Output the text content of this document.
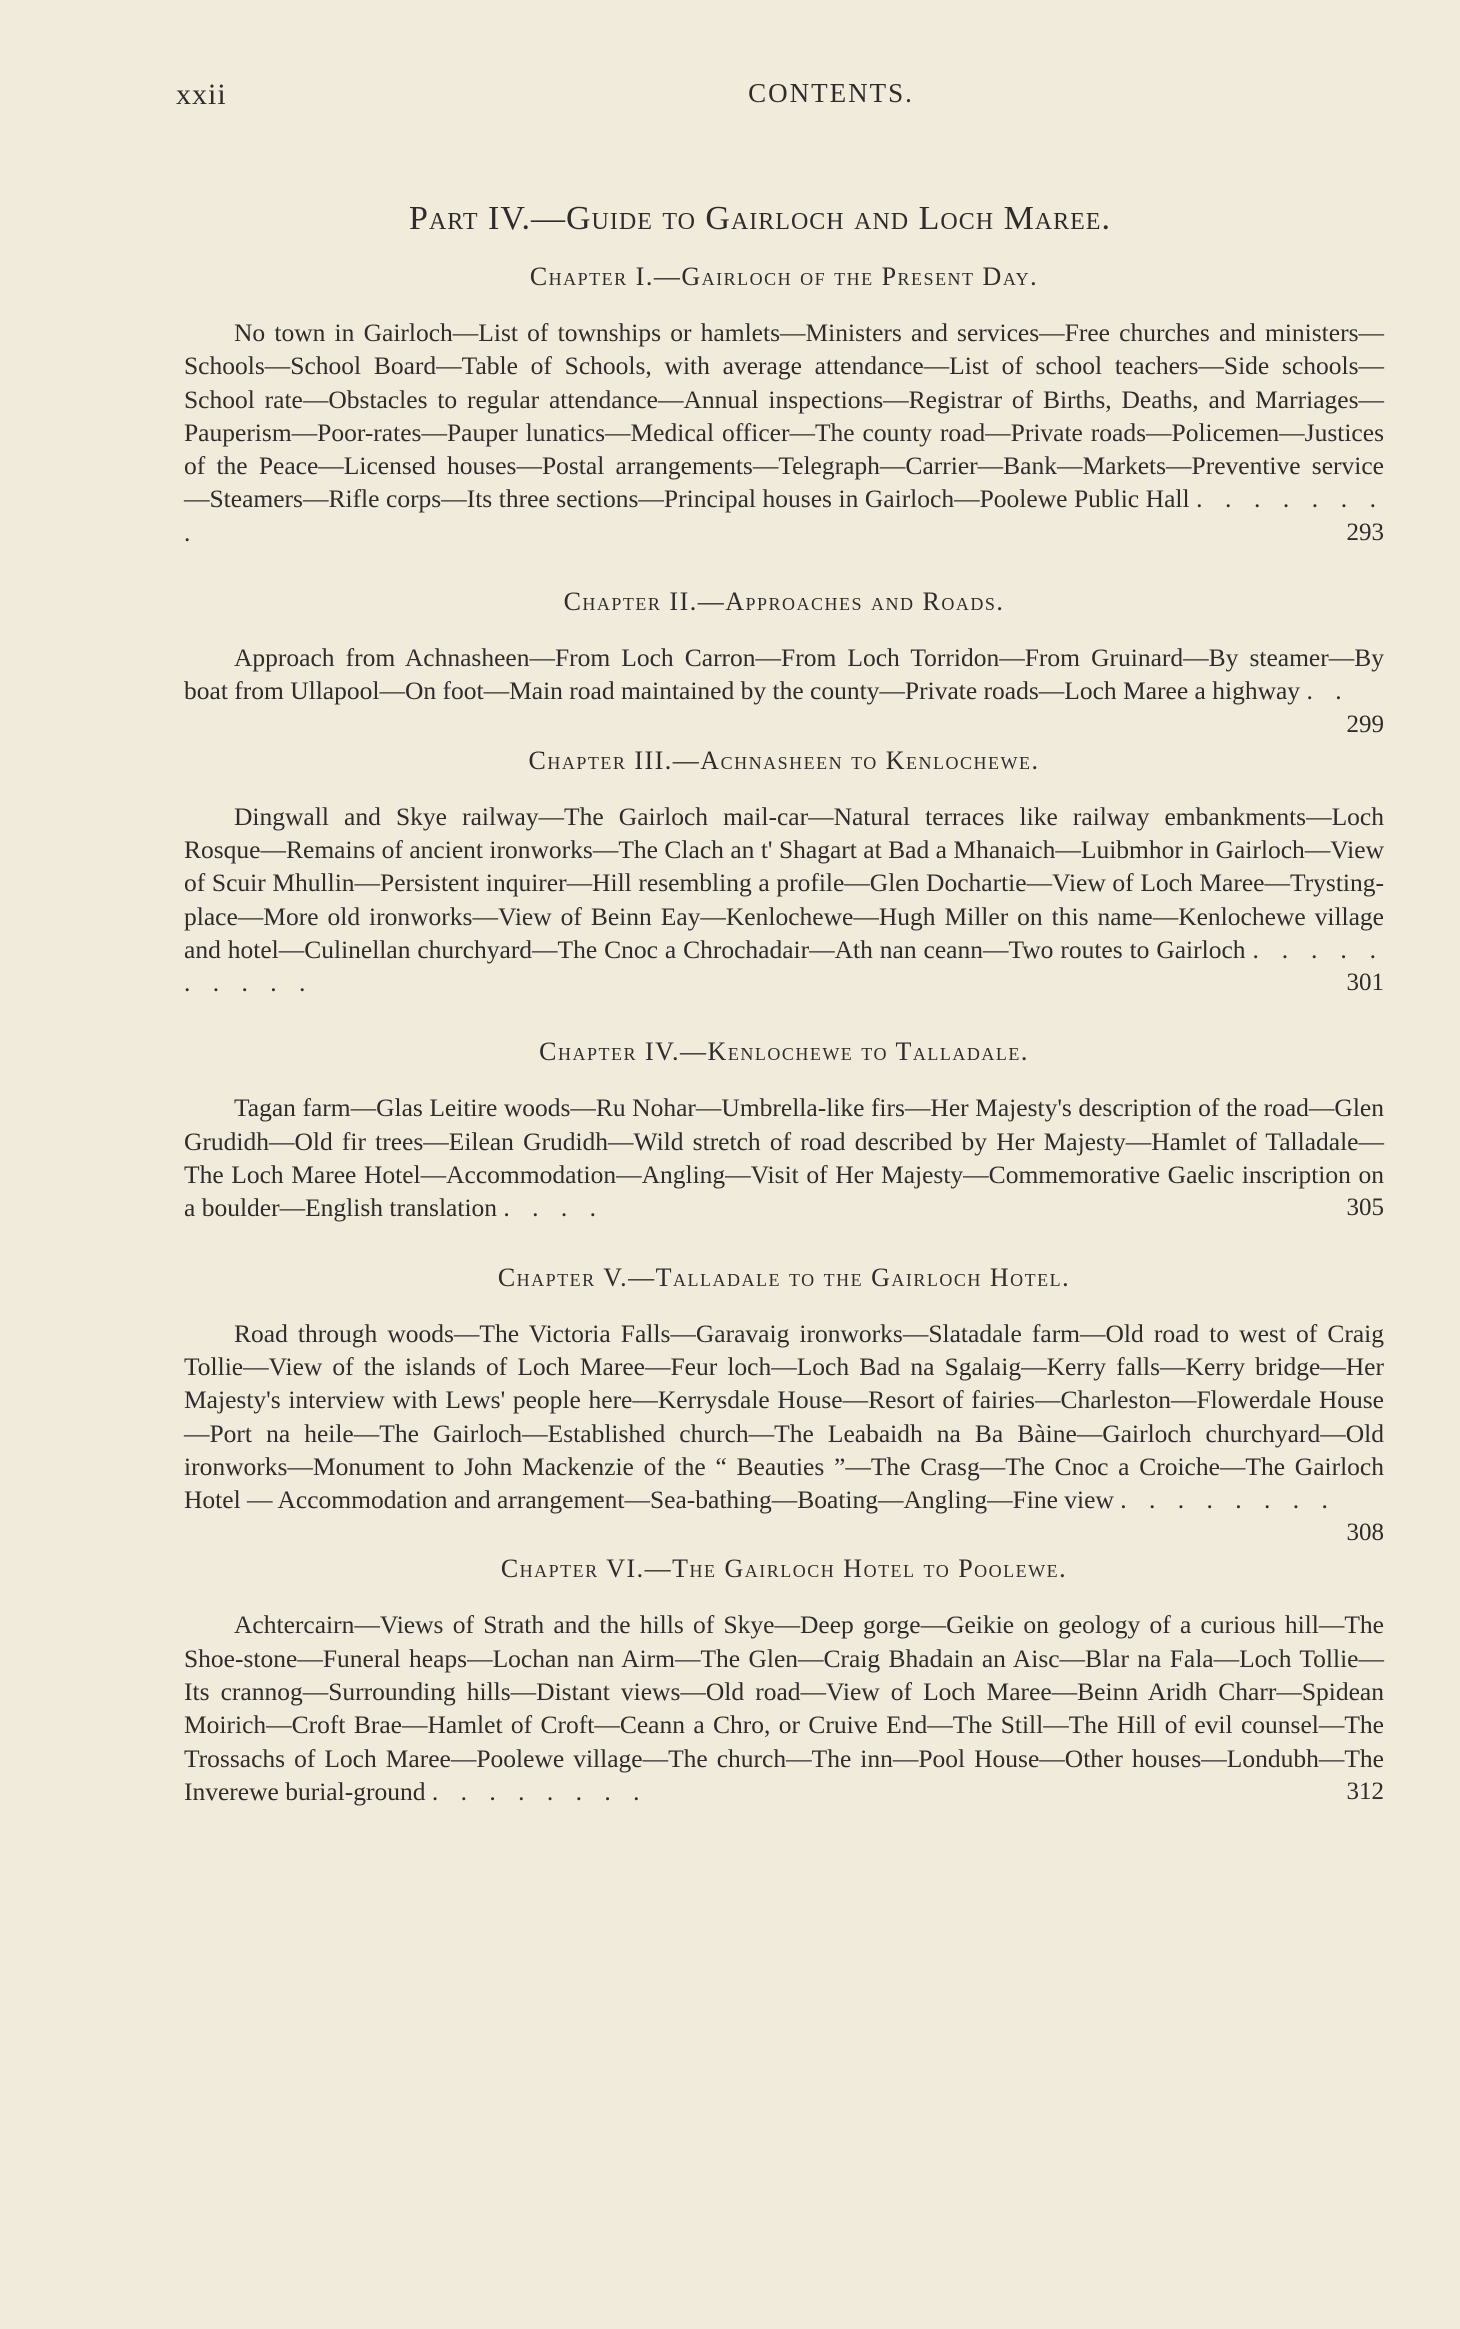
xxii	CONTENTS.
Part IV.—Guide to Gairloch and Loch Maree.
Chapter I.—Gairloch of the Present Day.

No town in Gairloch—List of townships or hamlets—Ministers and services—Free churches and ministers—Schools—School Board—Table of Schools, with average attendance—List of school teachers—Side schools—School rate—Obstacles to regular attendance—Annual inspections—Registrar of Births, Deaths, and Marriages—Pauperism—Poor-rates—Pauper lunatics—Medical officer—The county road—Private roads—Policemen—Justices of the Peace—Licensed houses—Postal arrangements—Telegraph—Carrier—Bank—Markets—Preventive service—Steamers—Rifle corps—Its three sections—Principal houses in Gairloch—Poolewe Public Hall . . . . . . . .	293

Chapter II.—Approaches and Roads.

Approach from Achnasheen—From Loch Carron—From Loch Torridon—From Gruinard—By steamer—By boat from Ullapool—On foot—Main road maintained by the county—Private roads—Loch Maree a highway . .
299

Chapter III.—Achnasheen to Kenlochewe.

Dingwall and Skye railway—The Gairloch mail-car—Natural terraces like railway embankments—Loch Rosque—Remains of ancient ironworks—The Clach an t' Shagart at Bad a Mhanaich—Luibmhor in Gairloch—View of Scuir Mhullin—Persistent inquirer—Hill resembling a profile—Glen Dochartie—View of Loch Maree—Trysting-place—More old ironworks—View of Beinn Eay—Kenlochewe—Hugh Miller on this name—Kenlochewe village and hotel—Culinellan churchyard—The Cnoc a Chrochadair—Ath nan ceann—Two routes to Gairloch . . . . . . . . . .	301

Chapter IV.—Kenlochewe to Talladale.

Tagan farm—Glas Leitire woods—Ru Nohar—Umbrella-like firs—Her Majesty's description of the road—Glen Grudidh—Old fir trees—Eilean Grudidh—Wild stretch of road described by Her Majesty—Hamlet of Talladale—The Loch Maree Hotel—Accommodation—Angling—Visit of Her Majesty—Commemorative Gaelic inscription on a boulder—English translation . . . .	305

Chapter V.—Talladale to the Gairloch Hotel.

Road through woods—The Victoria Falls—Garavaig ironworks—Slatadale farm—Old road to west of Craig Tollie—View of the islands of Loch Maree—Feur loch—Loch Bad na Sgalaig—Kerry falls—Kerry bridge—Her Majesty's interview with Lews' people here—Kerrysdale House—Resort of fairies—Charleston—Flowerdale House—Port na heile—The Gairloch—Established church—The Leabaidh na Ba Bàine—Gairloch churchyard—Old ironworks—Monument to John Mackenzie of the “ Beauties ”—The Crasg—The Cnoc a Croiche—The Gairloch Hotel — Accommodation and arrangement—Sea-bathing—Boating—Angling—Fine view . . . . . . . .
308

Chapter VI.—The Gairloch Hotel to Poolewe.

Achtercairn—Views of Strath and the hills of Skye—Deep gorge—Geikie on geology of a curious hill—The Shoe-stone—Funeral heaps—Lochan nan Airm—The Glen—Craig Bhadain an Aisc—Blar na Fala—Loch Tollie—Its crannog—Surrounding hills—Distant views—Old road—View of Loch Maree—Beinn Aridh Charr—Spidean Moirich—Croft Brae—Hamlet of Croft—Ceann a Chro, or Cruive End—The Still—The Hill of evil counsel—The Trossachs of Loch Maree—Poolewe village—The church—The inn—Pool House—Other houses—Londubh—The Inverewe burial-ground . . . . . . . .	312
